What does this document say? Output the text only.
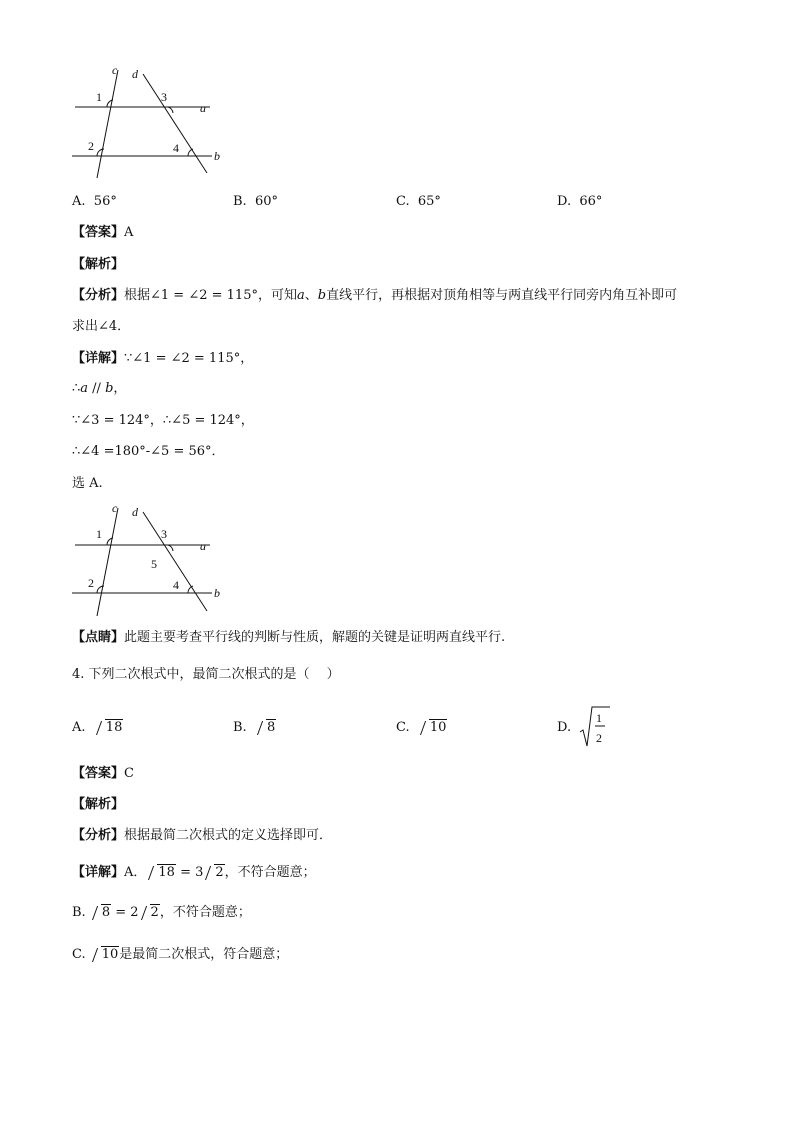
c d
a
b
1
2
3
4
A. 56°	B. 60°	C. 65°	D. 66°
【答案】A
【解析】
【分析】根据∠1 = ∠2 = 115°，可知a、b直线平行，再根据对顶角相等与两直线平行同旁内角互补即可
求出∠4．
【详解】∵∠1 = ∠2 = 115°，
∴a // b，
∵∠3 = 124°，∴∠5 = 124°，
∴∠4 =180°-∠5 = 56°．
选 A.
c d
a
b
1
2
3
4
5
【点睛】此题主要考查平行线的判断与性质，解题的关键是证明两直线平行.
4. 下列二次根式中，最简二次根式的是（　 ）
A. 18	B. 8	C. 10	D.
1
2
【答案】C
【解析】
【分析】根据最简二次根式的定义选择即可．
【详解】A． 18 = 3 2，不符合题意；
B. 8 = 2 2，不符合题意；
C. 10是最简二次根式，符合题意；
